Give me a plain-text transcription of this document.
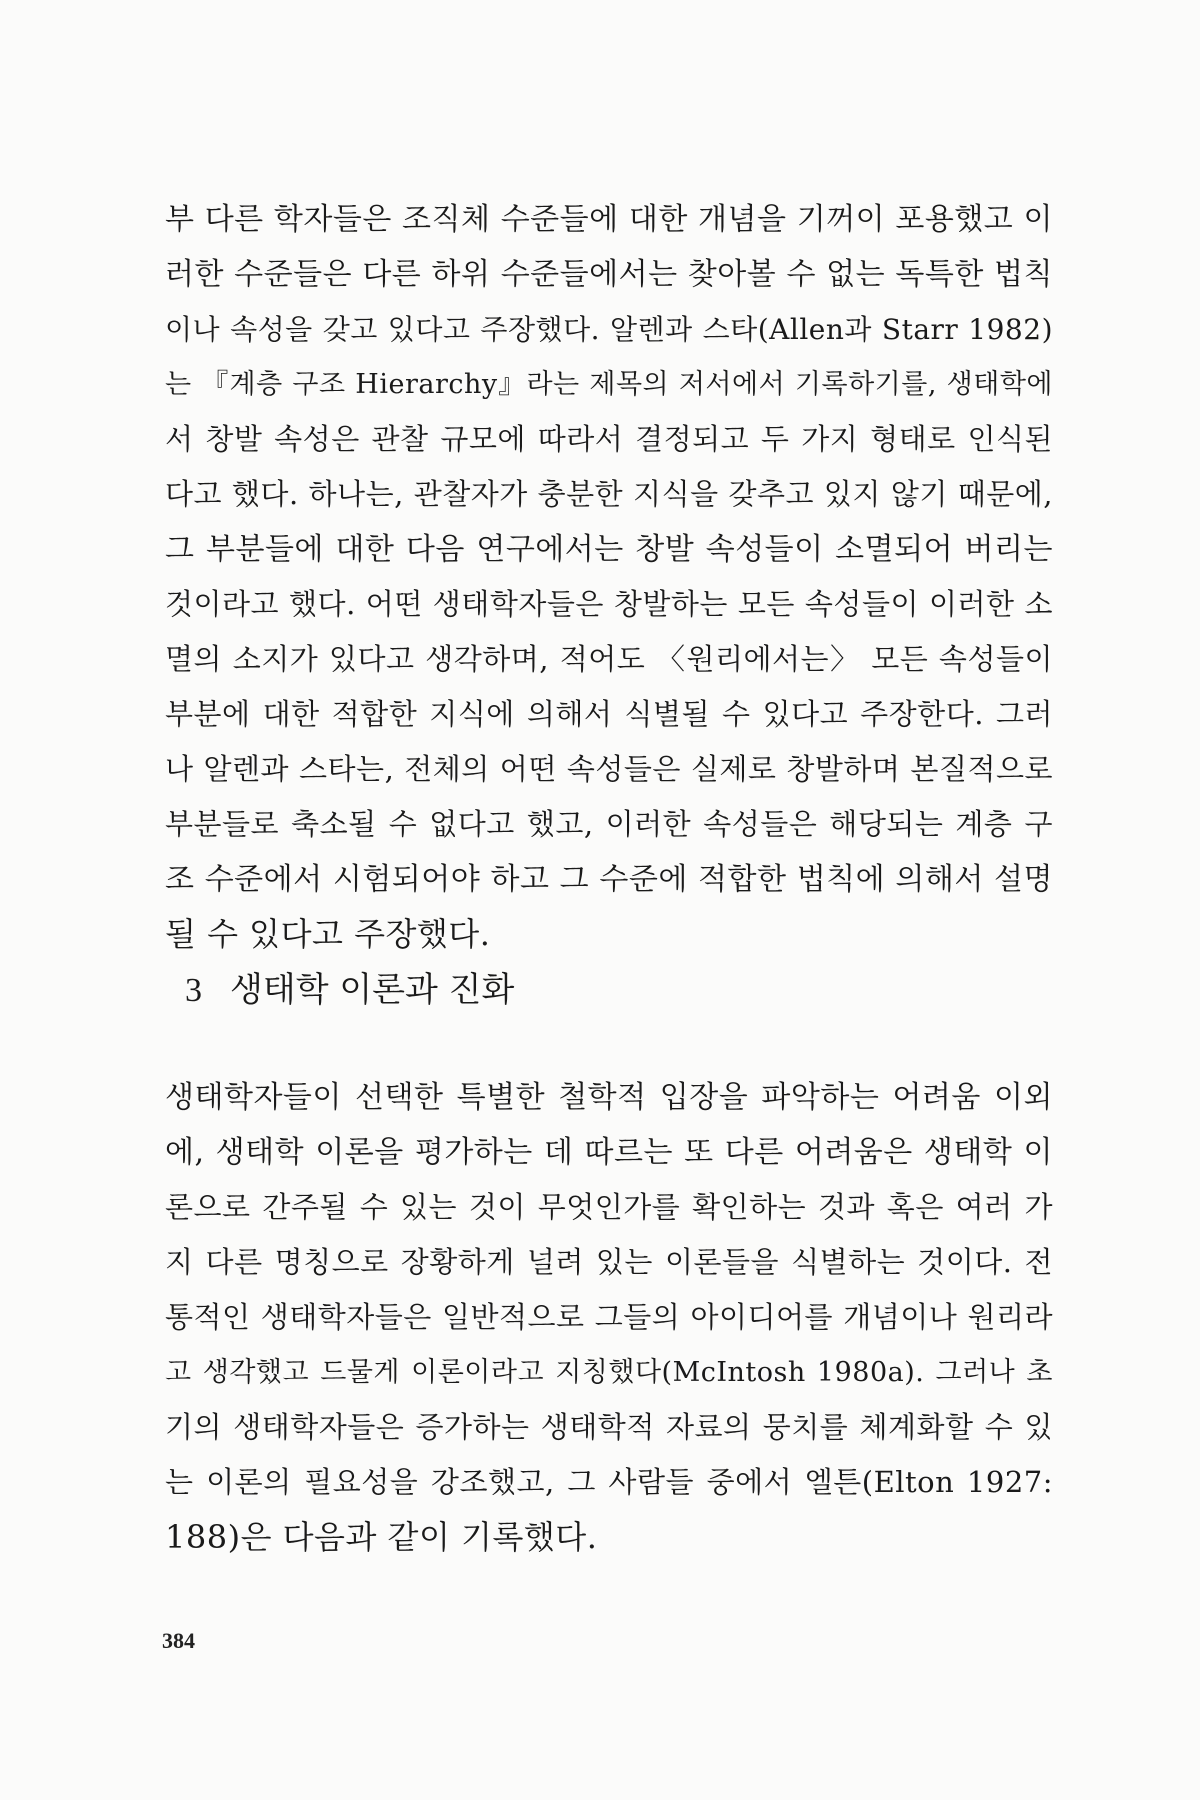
부 다른 학자들은 조직체 수준들에 대한 개념을 기꺼이 포용했고 이
러한 수준들은 다른 하위 수준들에서는 찾아볼 수 없는 독특한 법칙
이나 속성을 갖고 있다고 주장했다. 알렌과 스타(Allen과 Starr 1982)
는 『계층 구조 Hierarchy』라는 제목의 저서에서 기록하기를, 생태학에
서 창발 속성은 관찰 규모에 따라서 결정되고 두 가지 형태로 인식된
다고 했다. 하나는, 관찰자가 충분한 지식을 갖추고 있지 않기 때문에,
그 부분들에 대한 다음 연구에서는 창발 속성들이 소멸되어 버리는
것이라고 했다. 어떤 생태학자들은 창발하는 모든 속성들이 이러한 소
멸의 소지가 있다고 생각하며, 적어도 〈원리에서는〉 모든 속성들이
부분에 대한 적합한 지식에 의해서 식별될 수 있다고 주장한다. 그러
나 알렌과 스타는, 전체의 어떤 속성들은 실제로 창발하며 본질적으로
부분들로 축소될 수 없다고 했고, 이러한 속성들은 해당되는 계층 구
조 수준에서 시험되어야 하고 그 수준에 적합한 법칙에 의해서 설명
될 수 있다고 주장했다.
3 생태학 이론과 진화
생태학자들이 선택한 특별한 철학적 입장을 파악하는 어려움 이외
에, 생태학 이론을 평가하는 데 따르는 또 다른 어려움은 생태학 이
론으로 간주될 수 있는 것이 무엇인가를 확인하는 것과 혹은 여러 가
지 다른 명칭으로 장황하게 널려 있는 이론들을 식별하는 것이다. 전
통적인 생태학자들은 일반적으로 그들의 아이디어를 개념이나 원리라
고 생각했고 드물게 이론이라고 지칭했다(McIntosh 1980a). 그러나 초
기의 생태학자들은 증가하는 생태학적 자료의 뭉치를 체계화할 수 있
는 이론의 필요성을 강조했고, 그 사람들 중에서 엘튼(Elton 1927:
188)은 다음과 같이 기록했다.
384
